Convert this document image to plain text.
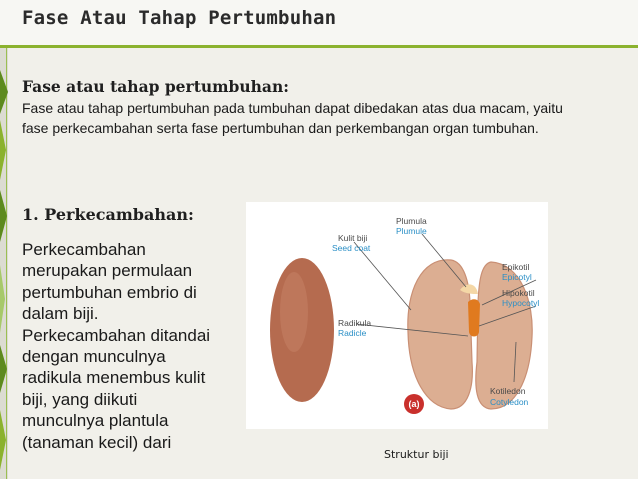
Fase Atau Tahap Pertumbuhan
Fase atau tahap pertumbuhan:

Fase atau tahap pertumbuhan pada tumbuhan dapat dibedakan atas dua macam, yaitu fase perkecambahan serta fase pertumbuhan dan perkembangan organ tumbuhan.

1. Perkecambahan:

Perkecambahan
merupakan permulaan
pertumbuhan embrio di
dalam biji.
Perkecambahan ditandai
dengan munculnya
radikula menembus kulit
biji, yang diikuti
munculnya plantula
(tanaman kecil) dari

Kulit biji
Seed coat
Plumula
Plumule
Epikotil
Epicotyl
Hipokotil
Hypocotyl
Radikula
Radicle
Kotiledon
Cotyledon
(a)

Struktur biji
